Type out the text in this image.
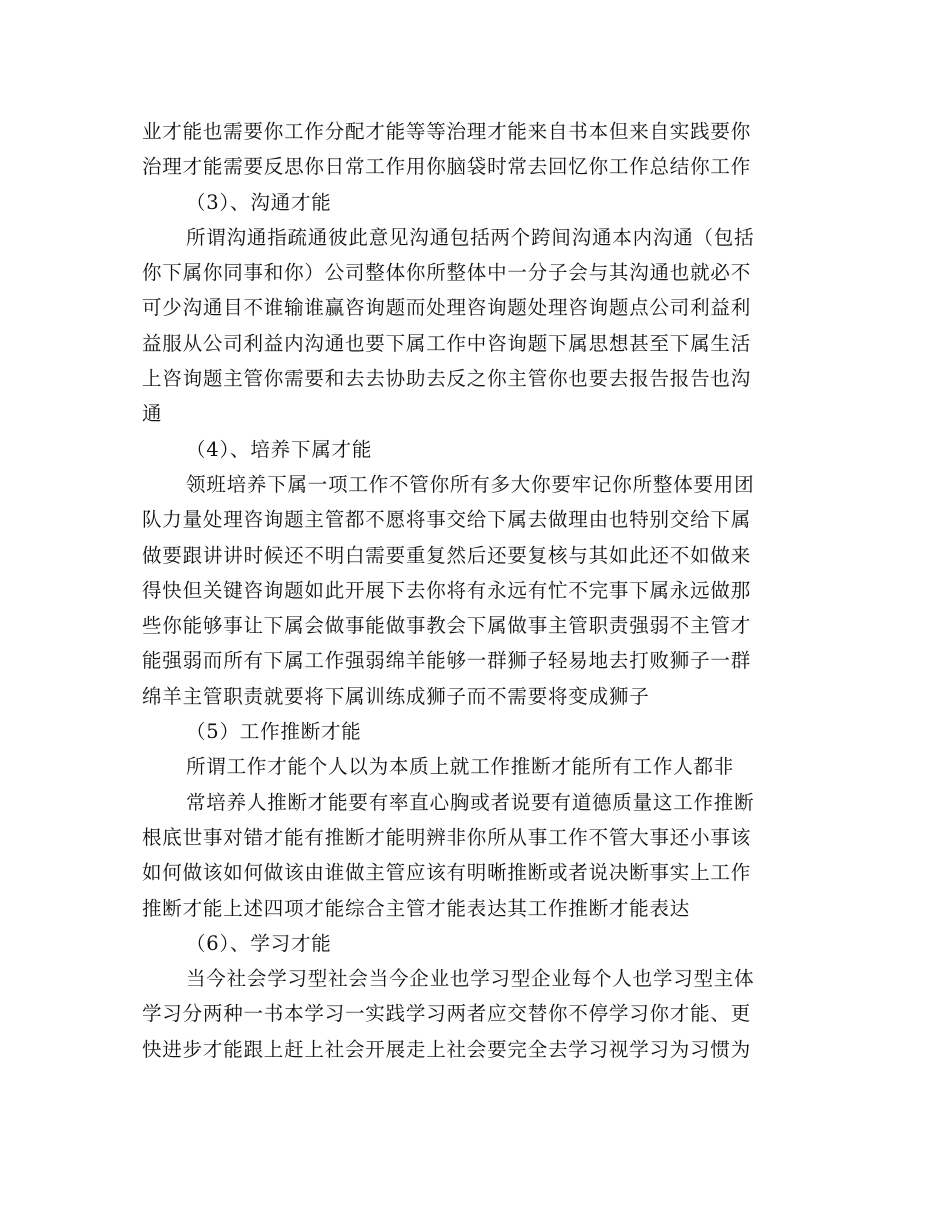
业才能也需要你工作分配才能等等治理才能来自书本但来自实践要你
治理才能需要反思你日常工作用你脑袋时常去回忆你工作总结你工作
（3）、沟通才能
所谓沟通指疏通彼此意见沟通包括两个跨间沟通本内沟通（包括
你下属你同事和你）公司整体你所整体中一分子会与其沟通也就必不
可少沟通目不谁输谁赢咨询题而处理咨询题处理咨询题点公司利益利
益服从公司利益内沟通也要下属工作中咨询题下属思想甚至下属生活
上咨询题主管你需要和去去协助去反之你主管你也要去报告报告也沟
通
（4）、培养下属才能
领班培养下属一项工作不管你所有多大你要牢记你所整体要用团
队力量处理咨询题主管都不愿将事交给下属去做理由也特别交给下属
做要跟讲讲时候还不明白需要重复然后还要复核与其如此还不如做来
得快但关键咨询题如此开展下去你将有永远有忙不完事下属永远做那
些你能够事让下属会做事能做事教会下属做事主管职责强弱不主管才
能强弱而所有下属工作强弱绵羊能够一群狮子轻易地去打败狮子一群
绵羊主管职责就要将下属训练成狮子而不需要将变成狮子
（5）工作推断才能
所谓工作才能个人以为本质上就工作推断才能所有工作人都非
常培养人推断才能要有率直心胸或者说要有道德质量这工作推断
根底世事对错才能有推断才能明辨非你所从事工作不管大事还小事该
如何做该如何做该由谁做主管应该有明晰推断或者说决断事实上工作
推断才能上述四项才能综合主管才能表达其工作推断才能表达
（6）、学习才能
当今社会学习型社会当今企业也学习型企业每个人也学习型主体
学习分两种一书本学习一实践学习两者应交替你不停学习你才能、更
快进步才能跟上赶上社会开展走上社会要完全去学习视学习为习惯为
